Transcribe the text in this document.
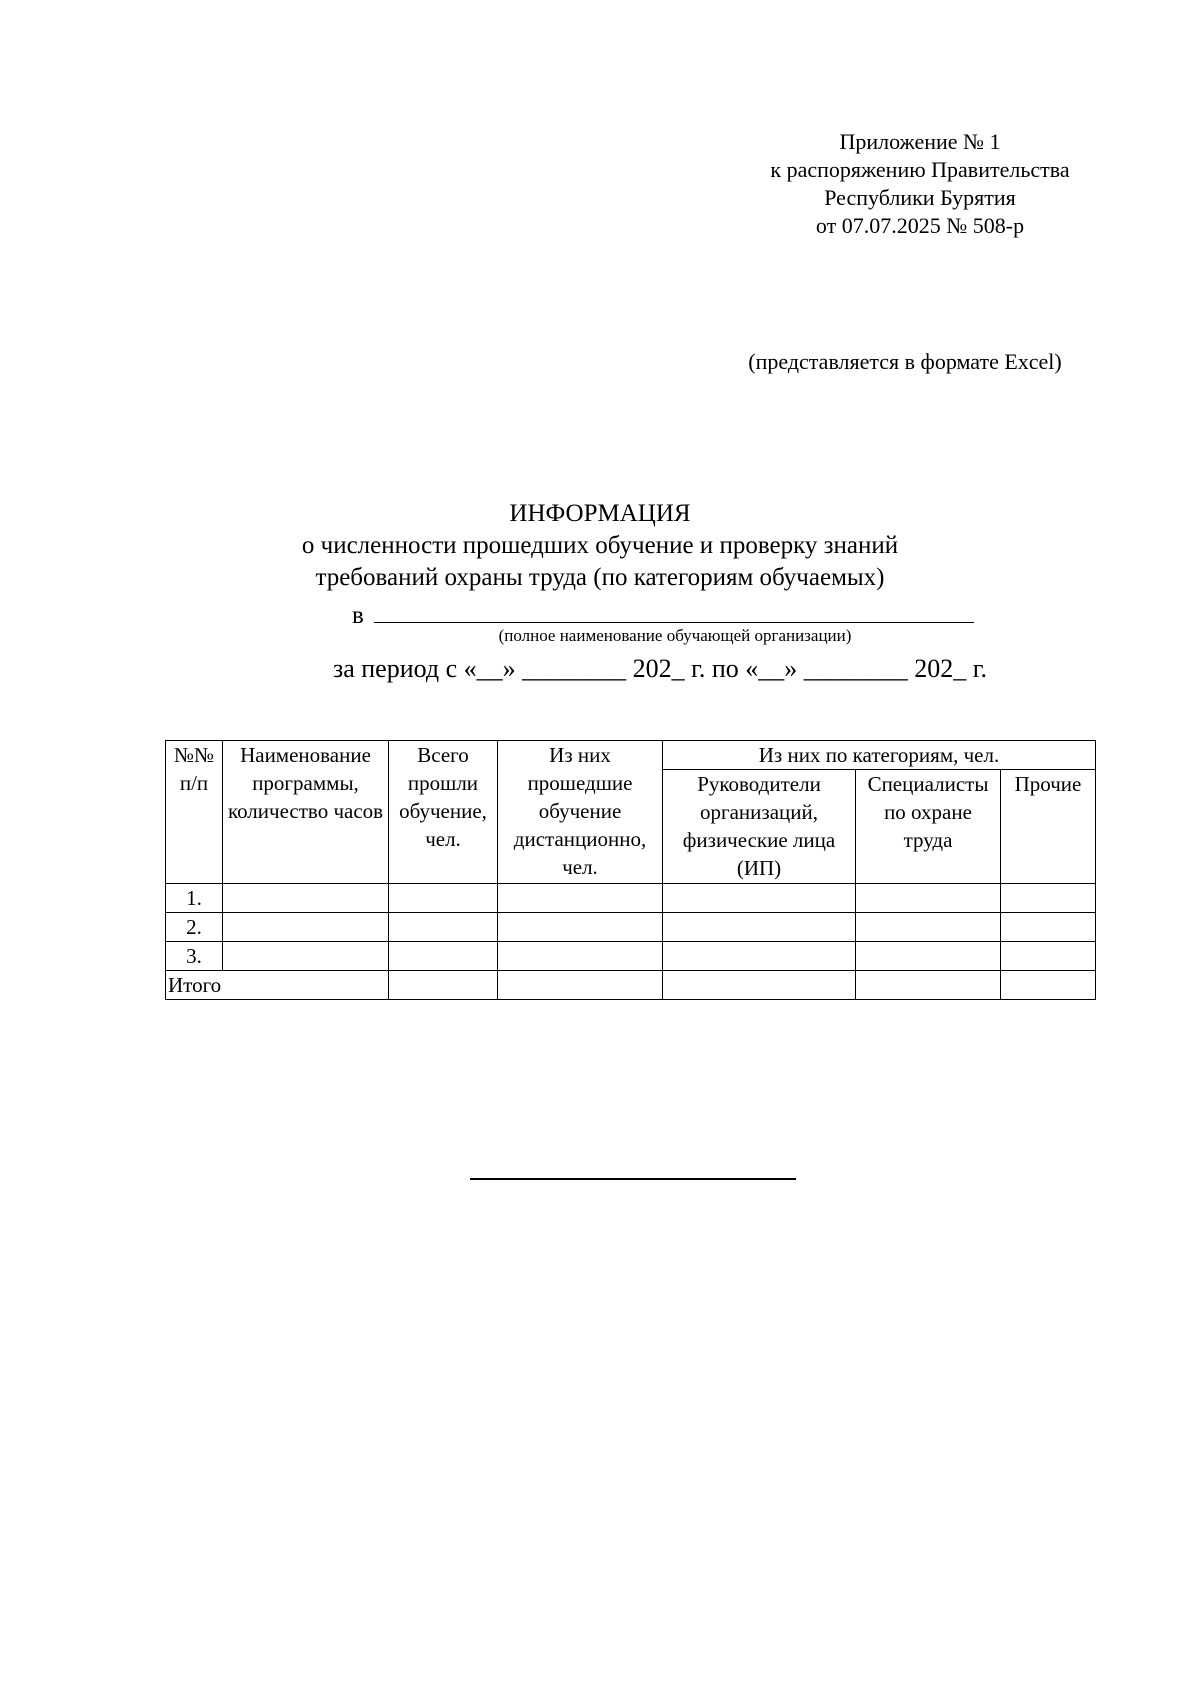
Приложение № 1
к распоряжению Правительства
Республики Бурятия
от 07.07.2025 № 508-р
(представляется в формате Excel)
ИНФОРМАЦИЯ
о численности прошедших обучение и проверку знаний
требований охраны труда (по категориям обучаемых)
в
(полное наименование обучающей организации)
за период с «__» ________ 202_ г. по «__» ________ 202_ г.
№№ п/п	Наименование программы, количество часов	Всего прошли обучение, чел.	Из них прошедшие обучение дистанционно, чел.	Из них по категориям, чел.		
				Руководители организаций, физические лица (ИП)	Специалисты по охране труда	Прочие
1.						
2.						
3.						
Итого						
